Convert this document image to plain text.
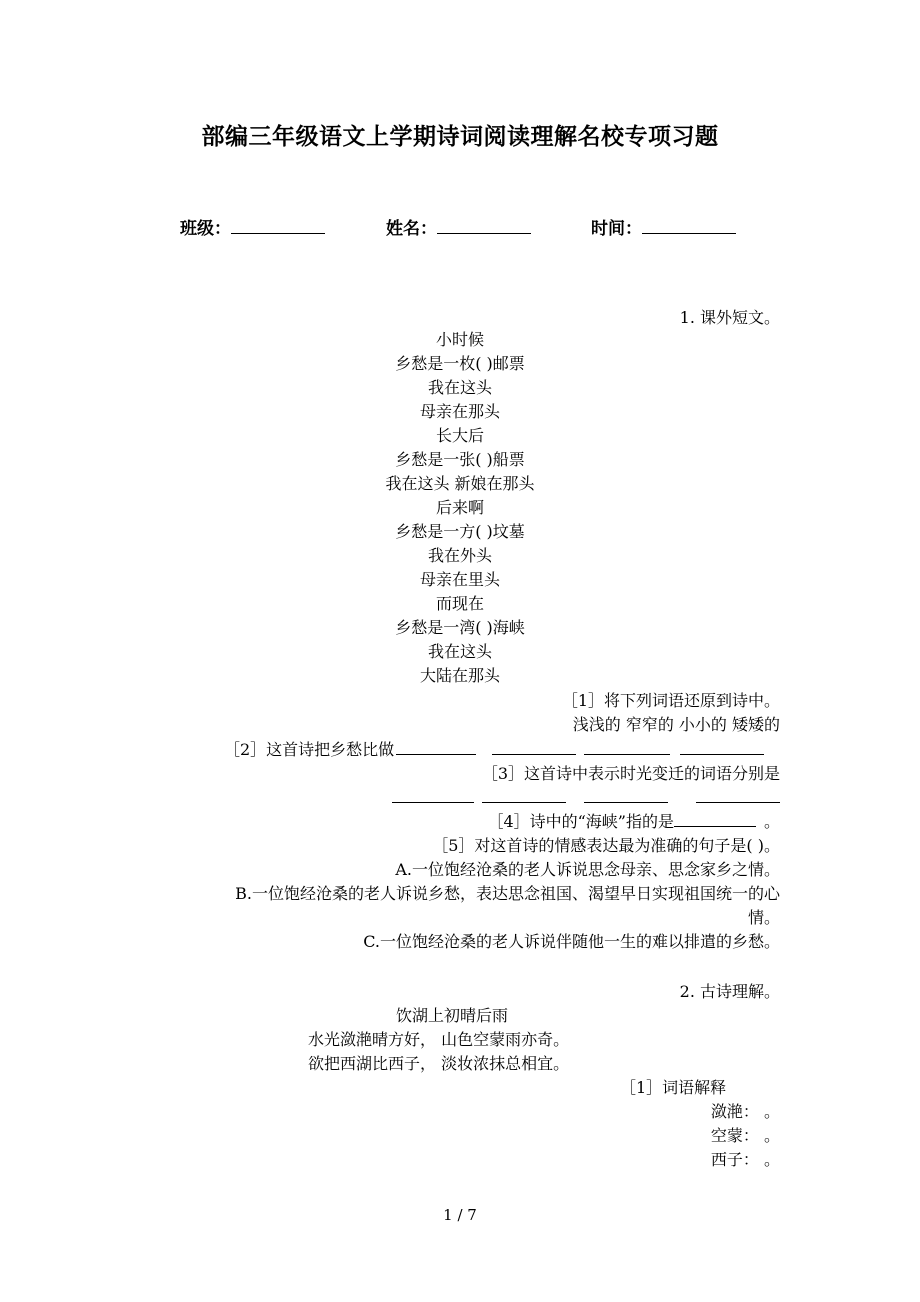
部编三年级语文上学期诗词阅读理解名校专项习题
班级：	姓名：	时间：
1. 课外短文。
小时候
乡愁是一枚( )邮票
我在这头
母亲在那头
长大后
乡愁是一张( )船票
我在这头 新娘在那头
后来啊
乡愁是一方( )坟墓
我在外头
母亲在里头
而现在
乡愁是一湾( )海峡
我在这头
大陆在那头
［1］将下列词语还原到诗中。
浅浅的 窄窄的 小小的 矮矮的
［2］这首诗把乡愁比做
［3］这首诗中表示时光变迁的词语分别是
［4］诗中的“海峡”指的是	。
［5］对这首诗的情感表达最为准确的句子是( )。
A.一位饱经沧桑的老人诉说思念母亲、思念家乡之情。
B.一位饱经沧桑的老人诉说乡愁，表达思念祖国、渴望早日实现祖国统一的心
情。
C.一位饱经沧桑的老人诉说伴随他一生的难以排遣的乡愁。
2. 古诗理解。
饮湖上初晴后雨
水光潋滟晴方好， 山色空蒙雨亦奇。
欲把西湖比西子， 淡妆浓抹总相宜。
［1］词语解释
潋滟： 。
空蒙： 。
西子： 。
1 / 7
